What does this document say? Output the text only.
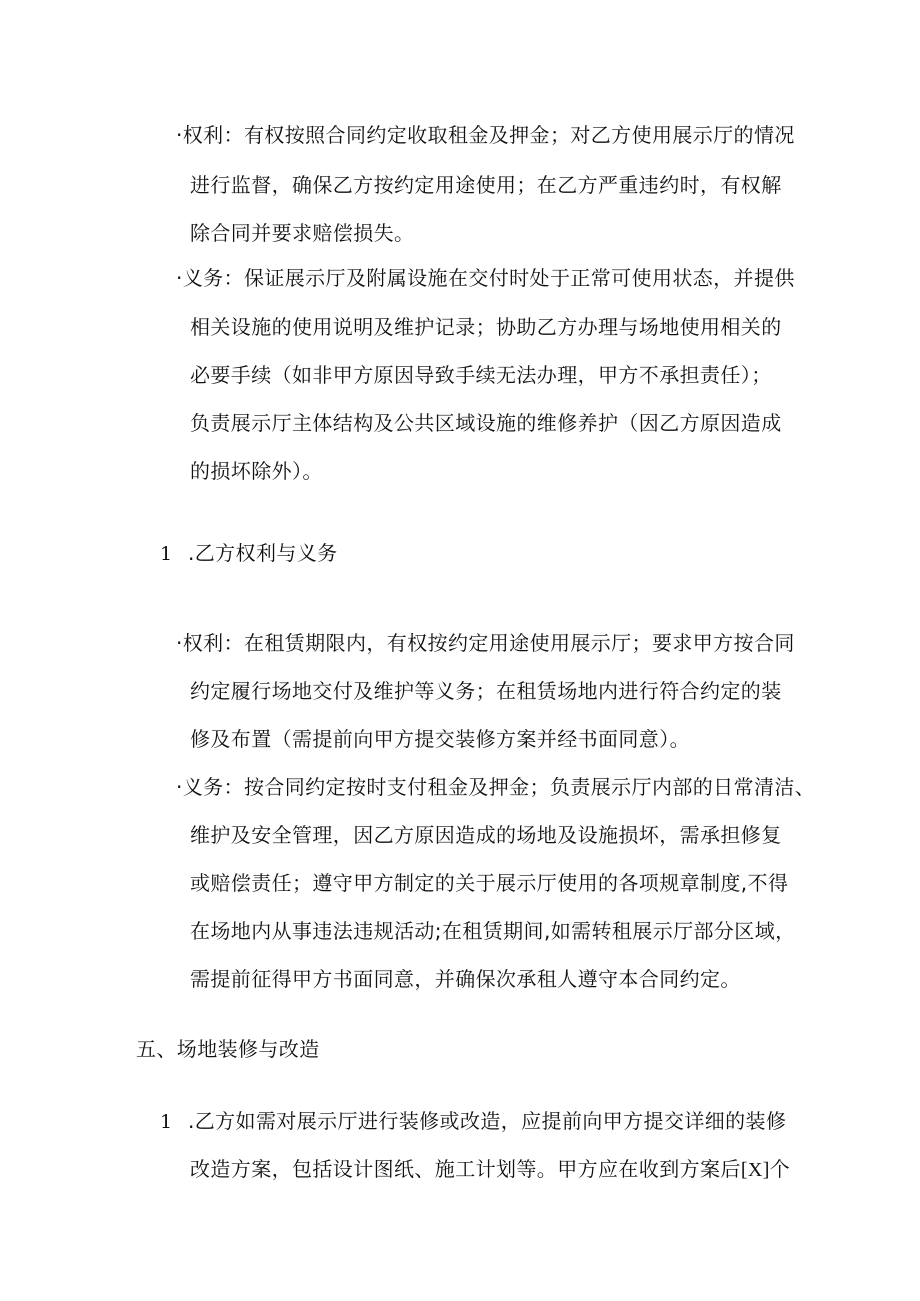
·权利：有权按照合同约定收取租金及押金；对乙方使用展示厅的情况
进行监督，确保乙方按约定用途使用；在乙方严重违约时，有权解
除合同并要求赔偿损失。
·义务：保证展示厅及附属设施在交付时处于正常可使用状态，并提供
相关设施的使用说明及维护记录；协助乙方办理与场地使用相关的
必要手续（如非甲方原因导致手续无法办理，甲方不承担责任）；
负责展示厅主体结构及公共区域设施的维修养护（因乙方原因造成
的损坏除外）。
1 .乙方权利与义务
·权利：在租赁期限内，有权按约定用途使用展示厅；要求甲方按合同
约定履行场地交付及维护等义务；在租赁场地内进行符合约定的装
修及布置（需提前向甲方提交装修方案并经书面同意）。
·义务：按合同约定按时支付租金及押金；负责展示厅内部的日常清洁、
维护及安全管理，因乙方原因造成的场地及设施损坏，需承担修复
或赔偿责任；遵守甲方制定的关于展示厅使用的各项规章制度,不得
在场地内从事违法违规活动;在租赁期间,如需转租展示厅部分区域，
需提前征得甲方书面同意，并确保次承租人遵守本合同约定。
五、场地装修与改造
1 .乙方如需对展示厅进行装修或改造，应提前向甲方提交详细的装修
改造方案，包括设计图纸、施工计划等。甲方应在收到方案后[X]个
